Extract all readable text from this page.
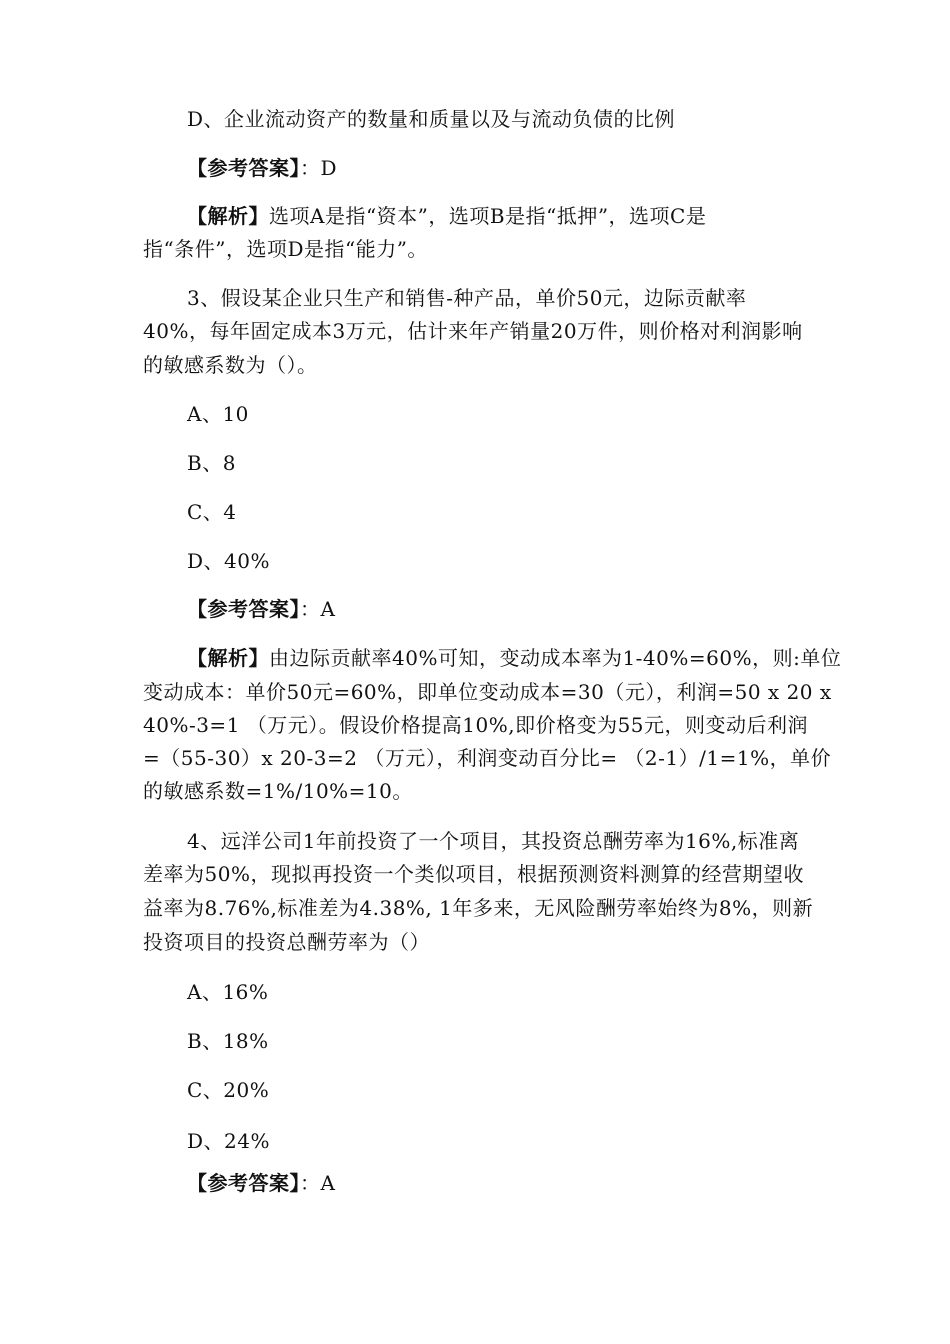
D、企业流动资产的数量和质量以及与流动负债的比例
【参考答案】：D
【解析】选项A是指“资本”，选项B是指“抵押”，选项C是
指“条件”，选项D是指“能力”。
3、假设某企业只生产和销售-种产品，单价50元，边际贡献率
40%，每年固定成本3万元，估计来年产销量20万件，则价格对利润影响
的敏感系数为（）。
A、10
B、8
C、4
D、40%
【参考答案】：A
【解析】由边际贡献率40%可知，变动成本率为1-40%=60%，则:单位
变动成本：单价50元=60%，即单位变动成本=30（元），利润=50 x 20 x
40%-3=1 （万元）。假设价格提高10%,即价格变为55元，则变动后利润
=（55-30）x 20-3=2 （万元），利润变动百分比= （2-1）/1=1%，单价
的敏感系数=1%/10%=10。
4、远洋公司1年前投资了一个项目，其投资总酬劳率为16%,标准离
差率为50%，现拟再投资一个类似项目，根据预测资料测算的经营期望收
益率为8.76%,标准差为4.38%, 1年多来，无风险酬劳率始终为8%，则新
投资项目的投资总酬劳率为（）
A、16%
B、18%
C、20%
D、24%
【参考答案】：A
